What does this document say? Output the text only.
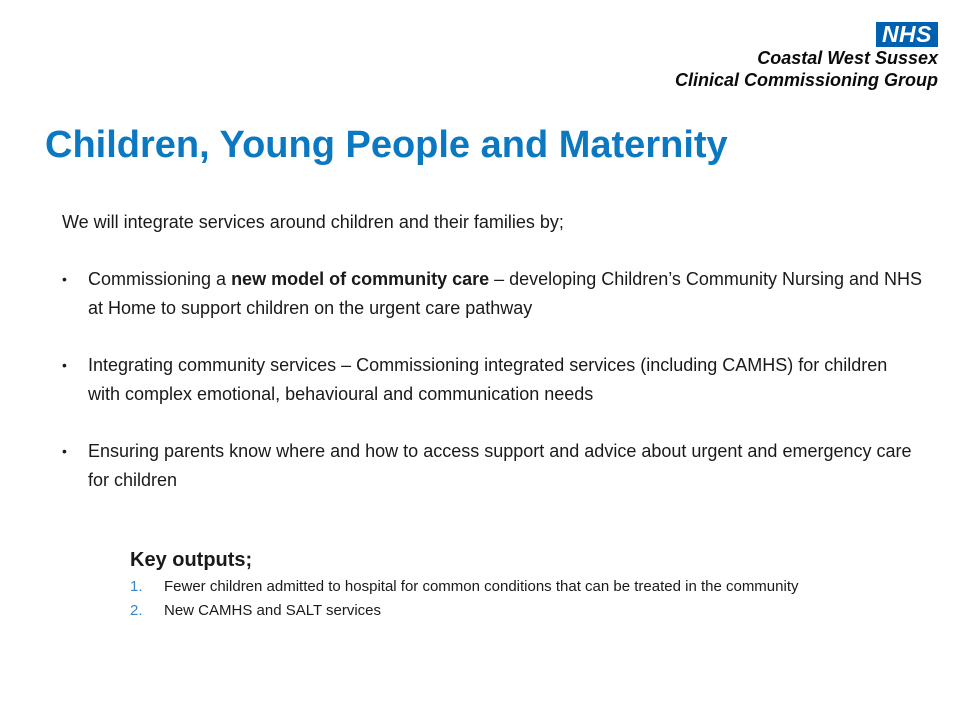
NHS
Coastal West Sussex
Clinical Commissioning Group
Children, Young People and Maternity

We will integrate services around children and their families by;

• Commissioning a new model of community care – developing Children’s Community Nursing and NHS at Home to support children on the urgent care pathway
• Integrating community services – Commissioning integrated services (including CAMHS) for children with complex emotional, behavioural and communication needs
• Ensuring parents know where and how to access support and advice about urgent and emergency care for children
Key outputs;
1. Fewer children admitted to hospital for common conditions that can be treated in the community
2. New CAMHS and SALT services
